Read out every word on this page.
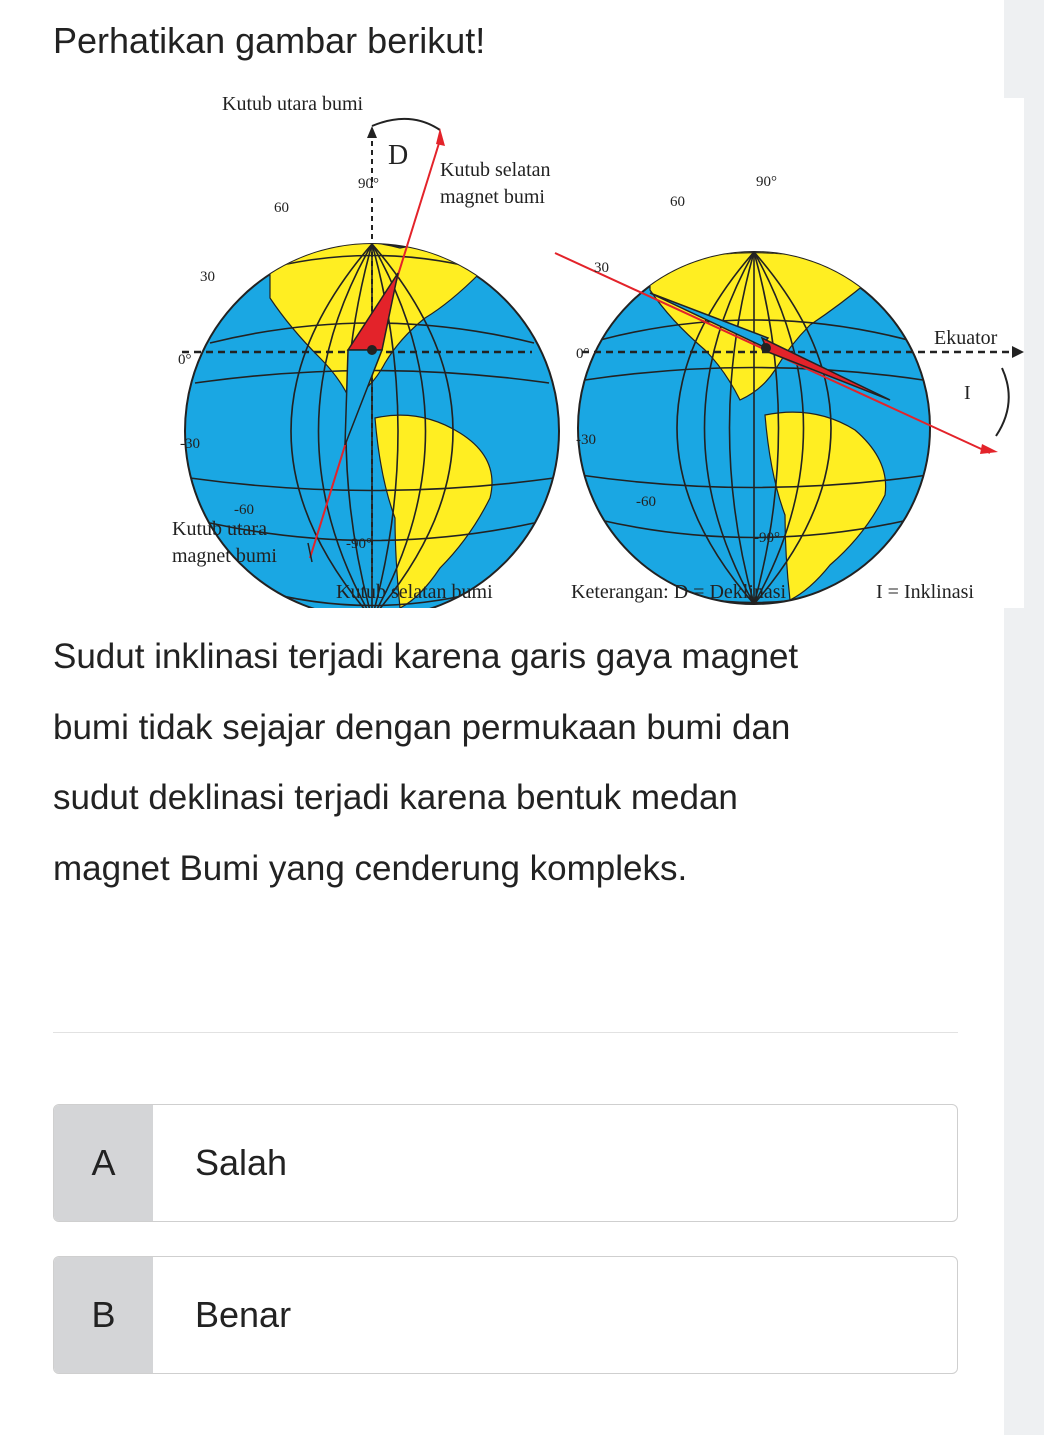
Perhatikan gambar berikut!
Kutub utara bumi
D Kutub selatan
magnet bumi
90°
60
30
0°
-30
-60
-90°
Kutub utara
magnet bumi
Kutub selatan bumi
90°
60
30
0°
-30
-60
-90°
Ekuator
I
Keterangan: D = Deklinasi	I = Inklinasi
Sudut inklinasi terjadi karena garis gaya magnet
bumi tidak sejajar dengan permukaan bumi dan
sudut deklinasi terjadi karena bentuk medan
magnet Bumi yang cenderung kompleks.
A	Salah
B	Benar
